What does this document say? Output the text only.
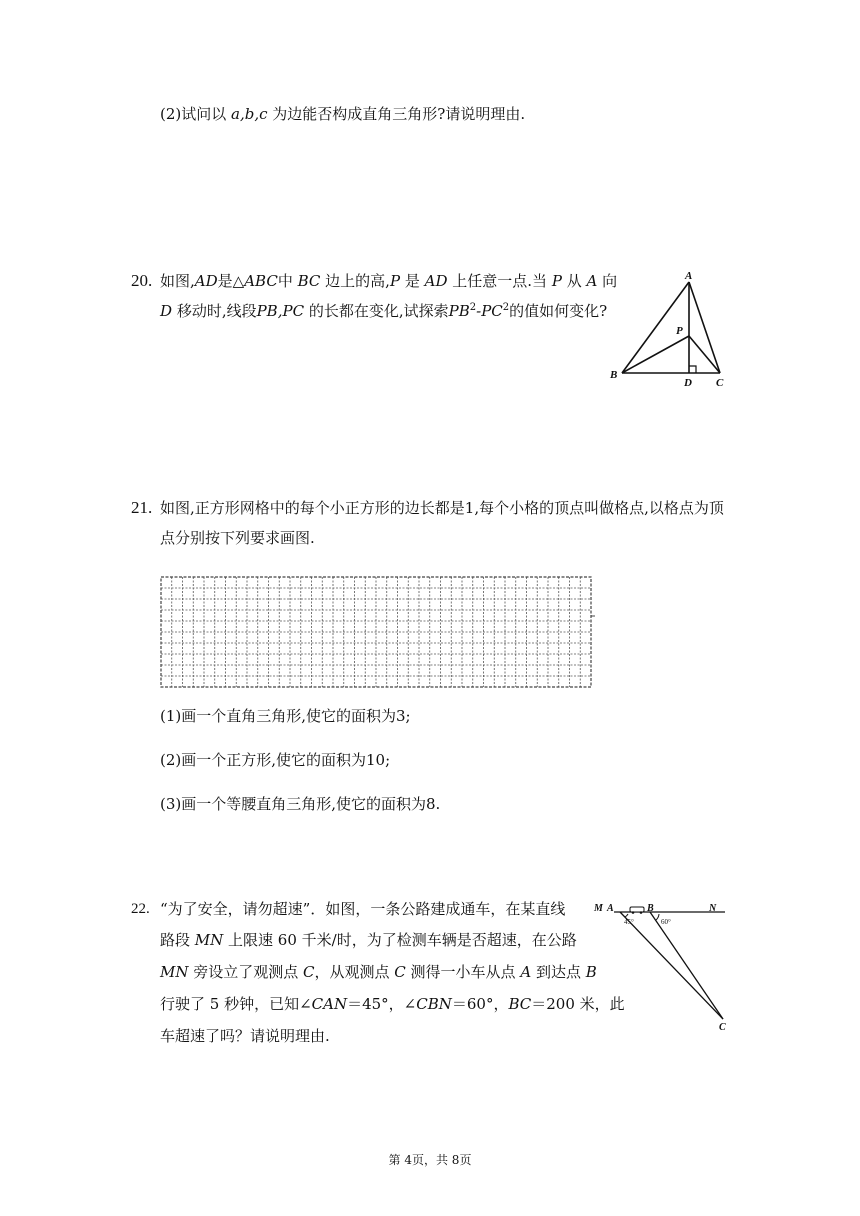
(2)试问以 a,b,c 为边能否构成直角三角形?请说明理由.
20. 如图,AD是△ABC中 BC 边上的高,P 是 AD 上任意一点.当 P 从 A 向
D 移动时,线段PB,PC 的长都在变化,试探索$PB^2-PC^2$的值如何变化?
A
B
C
D
P
21. 如图,正方形网格中的每个小正方形的边长都是1,每个小格的顶点叫做格点,以格点为顶
点分别按下列要求画图.
(1)画一个直角三角形,使它的面积为3;
(2)画一个正方形,使它的面积为10;
(3)画一个等腰直角三角形,使它的面积为8.
22. “为了安全，请勿超速”．如图，一条公路建成通车，在某直线
路段 MN 上限速 60 千米/时，为了检测车辆是否超速，在公路
MN 旁设立了观测点 C，从观测点 C 测得一小车从点 A 到达点 B
行驶了 5 秒钟，已知∠CAN＝45°，∠CBN＝60°，BC＝200 米，此
车超速了吗？请说明理由.
M A	B	N
C
45°	60°
第 4页，共 8页
